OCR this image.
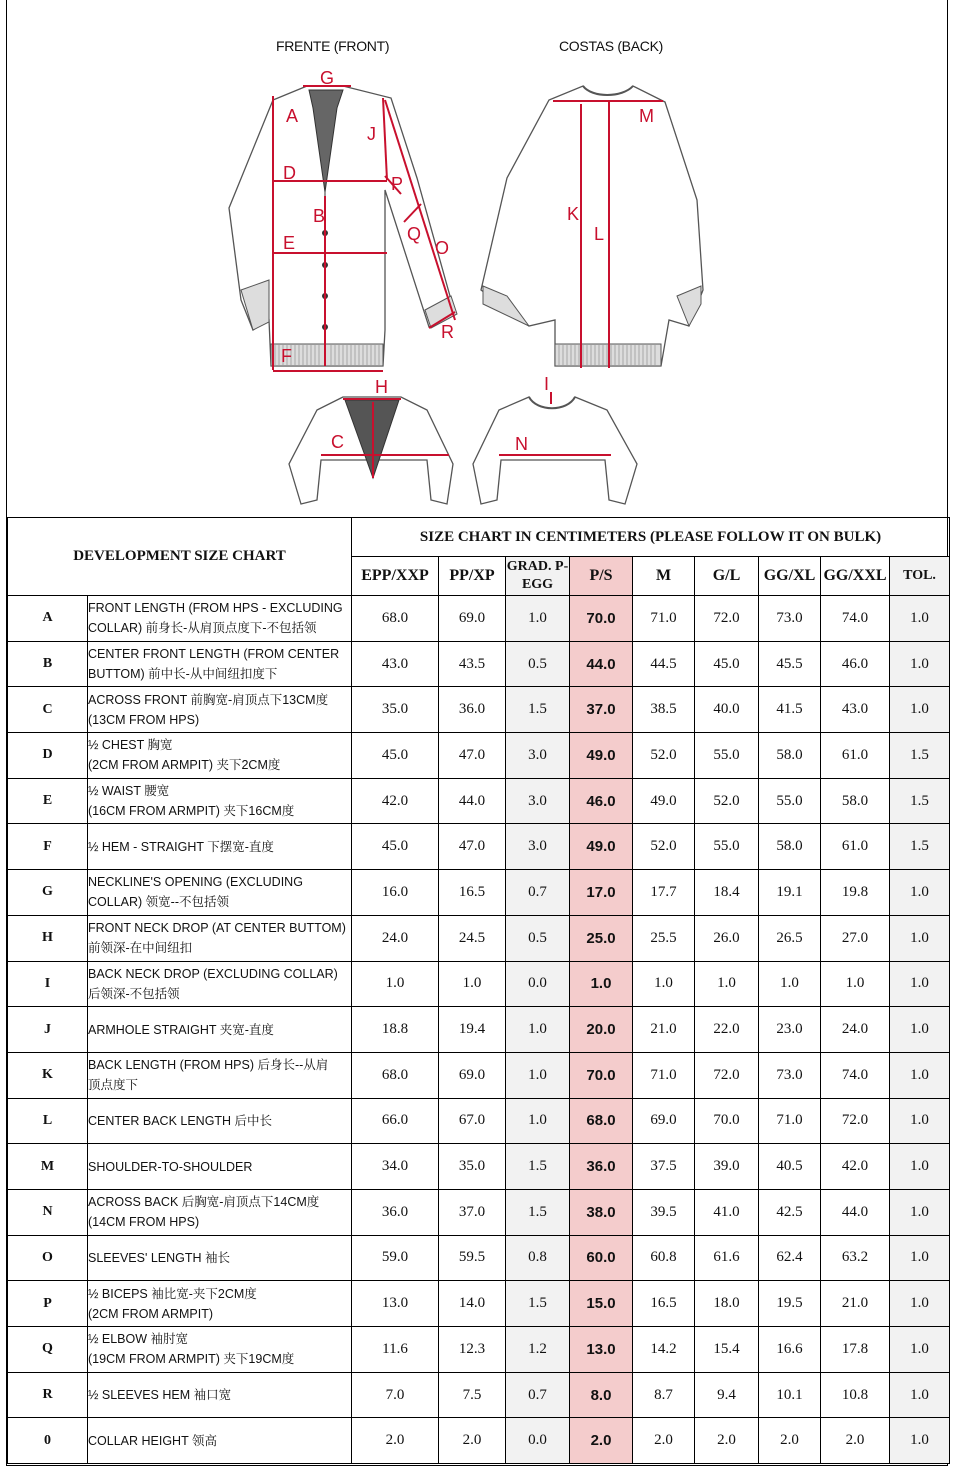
FRENTE (FRONT)	COSTAS (BACK)
G
A
J
D
P
B
Q
O
E
R
F
M
K
L
H
C
I
N
DEVELOPMENT SIZE CHART		SIZE CHART IN CENTIMETERS (PLEASE FOLLOW IT ON BULK)								
		EPP/XXP	PP/XP	GRAD. P-EGG	P/S	M	G/L	GG/XL	GG/XXL	TOL.
A	FRONT LENGTH (FROM HPS - EXCLUDING
COLLAR) 前身长-从肩顶点度下-不包括领	68.0	69.0	1.0	70.0	71.0	72.0	73.0	74.0	1.0
B	CENTER FRONT LENGTH (FROM CENTER
BUTTOM) 前中长-从中间纽扣度下	43.0	43.5	0.5	44.0	44.5	45.0	45.5	46.0	1.0
C	ACROSS FRONT 前胸宽-肩顶点下13CM度
(13CM FROM HPS)	35.0	36.0	1.5	37.0	38.5	40.0	41.5	43.0	1.0
D	½ CHEST 胸宽
(2CM FROM ARMPIT) 夹下2CM度	45.0	47.0	3.0	49.0	52.0	55.0	58.0	61.0	1.5
E	½ WAIST 腰宽
(16CM FROM ARMPIT) 夹下16CM度	42.0	44.0	3.0	46.0	49.0	52.0	55.0	58.0	1.5
F	½ HEM - STRAIGHT 下摆宽-直度	45.0	47.0	3.0	49.0	52.0	55.0	58.0	61.0	1.5
G	NECKLINE'S OPENING (EXCLUDING
COLLAR) 领宽--不包括领	16.0	16.5	0.7	17.0	17.7	18.4	19.1	19.8	1.0
H	FRONT NECK DROP (AT CENTER BUTTOM)
前领深-在中间纽扣	24.0	24.5	0.5	25.0	25.5	26.0	26.5	27.0	1.0
I	BACK NECK DROP (EXCLUDING COLLAR)
后领深-不包括领	1.0	1.0	0.0	1.0	1.0	1.0	1.0	1.0	1.0
J	ARMHOLE STRAIGHT 夹宽-直度	18.8	19.4	1.0	20.0	21.0	22.0	23.0	24.0	1.0
K	BACK LENGTH (FROM HPS) 后身长--从肩
顶点度下	68.0	69.0	1.0	70.0	71.0	72.0	73.0	74.0	1.0
L	CENTER BACK LENGTH 后中长	66.0	67.0	1.0	68.0	69.0	70.0	71.0	72.0	1.0
M	SHOULDER-TO-SHOULDER	34.0	35.0	1.5	36.0	37.5	39.0	40.5	42.0	1.0
N	ACROSS BACK 后胸宽-肩顶点下14CM度
(14CM FROM HPS)	36.0	37.0	1.5	38.0	39.5	41.0	42.5	44.0	1.0
O	SLEEVES' LENGTH 袖长	59.0	59.5	0.8	60.0	60.8	61.6	62.4	63.2	1.0
P	½ BICEPS 袖比宽-夹下2CM度
(2CM FROM ARMPIT)	13.0	14.0	1.5	15.0	16.5	18.0	19.5	21.0	1.0
Q	½ ELBOW 袖肘宽
(19CM FROM ARMPIT) 夹下19CM度	11.6	12.3	1.2	13.0	14.2	15.4	16.6	17.8	1.0
R	½ SLEEVES HEM 袖口宽	7.0	7.5	0.7	8.0	8.7	9.4	10.1	10.8	1.0
0	COLLAR HEIGHT 领高	2.0	2.0	0.0	2.0	2.0	2.0	2.0	2.0	1.0
